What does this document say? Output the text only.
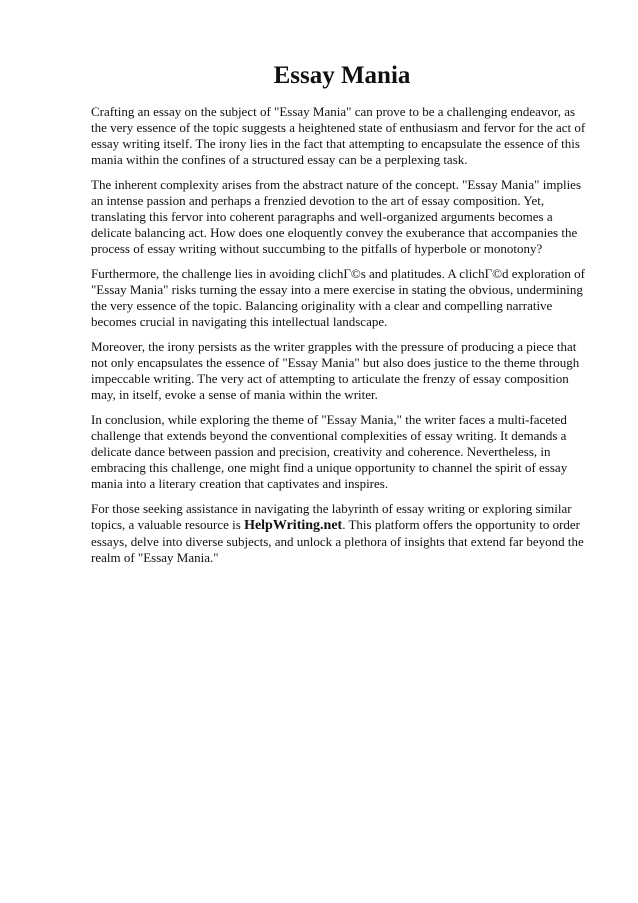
Essay Mania

Crafting an essay on the subject of "Essay Mania" can prove to be a challenging endeavor, as the very essence of the topic suggests a heightened state of enthusiasm and fervor for the act of essay writing itself. The irony lies in the fact that attempting to encapsulate the essence of this mania within the confines of a structured essay can be a perplexing task.

The inherent complexity arises from the abstract nature of the concept. "Essay Mania" implies an intense passion and perhaps a frenzied devotion to the art of essay composition. Yet, translating this fervor into coherent paragraphs and well-organized arguments becomes a delicate balancing act. How does one eloquently convey the exuberance that accompanies the process of essay writing without succumbing to the pitfalls of hyperbole or monotony?

Furthermore, the challenge lies in avoiding clichГ©s and platitudes. A clichГ©d exploration of "Essay Mania" risks turning the essay into a mere exercise in stating the obvious, undermining the very essence of the topic. Balancing originality with a clear and compelling narrative becomes crucial in navigating this intellectual landscape.

Moreover, the irony persists as the writer grapples with the pressure of producing a piece that not only encapsulates the essence of "Essay Mania" but also does justice to the theme through impeccable writing. The very act of attempting to articulate the frenzy of essay composition may, in itself, evoke a sense of mania within the writer.

In conclusion, while exploring the theme of "Essay Mania," the writer faces a multi-faceted challenge that extends beyond the conventional complexities of essay writing. It demands a delicate dance between passion and precision, creativity and coherence. Nevertheless, in embracing this challenge, one might find a unique opportunity to channel the spirit of essay mania into a literary creation that captivates and inspires.

For those seeking assistance in navigating the labyrinth of essay writing or exploring similar topics, a valuable resource is HelpWriting.net. This platform offers the opportunity to order essays, delve into diverse subjects, and unlock a plethora of insights that extend far beyond the realm of "Essay Mania."
